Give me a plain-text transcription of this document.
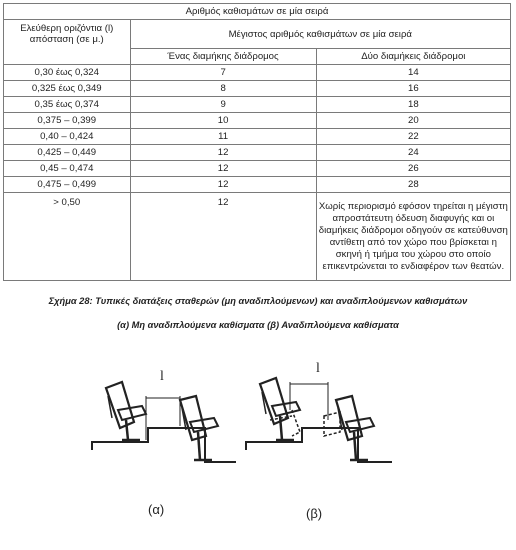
Αριθμός καθισμάτων σε μία σειρά		
Ελεύθερη οριζόντια (l) απόσταση (σε μ.)	Μέγιστος αριθμός καθισμάτων σε μία σειρά	
	Ένας διαμήκης διάδρομος	Δύο διαμήκεις διάδρομοι
0,30 έως 0,324	7	14
0,325 έως 0,349	8	16
0,35 έως 0,374	9	18
0,375 – 0,399	10	20
0,40 – 0,424	11	22
0,425 – 0,449	12	24
0,45 – 0,474	12	26
0,475 – 0,499	12	28
> 0,50	12	Χωρίς περιορισμό εφόσον τηρείται η μέγιστη απροστάτευτη όδευση διαφυγής και οι διαμήκεις διάδρομοι οδηγούν σε κατεύθυνση αντίθετη από τον χώρο που βρίσκεται η σκηνή ή τμήμα του χώρου στο οποίο επικεντρώνεται το ενδιαφέρον των θεατών.
Σχήμα 28: Τυπικές διατάξεις σταθερών (μη αναδιπλούμενων) και αναδιπλούμενων καθισμάτων
(α) Μη αναδιπλούμενα καθίσματα (β) Αναδιπλούμενα καθίσματα
l
l
(α)	(β)
